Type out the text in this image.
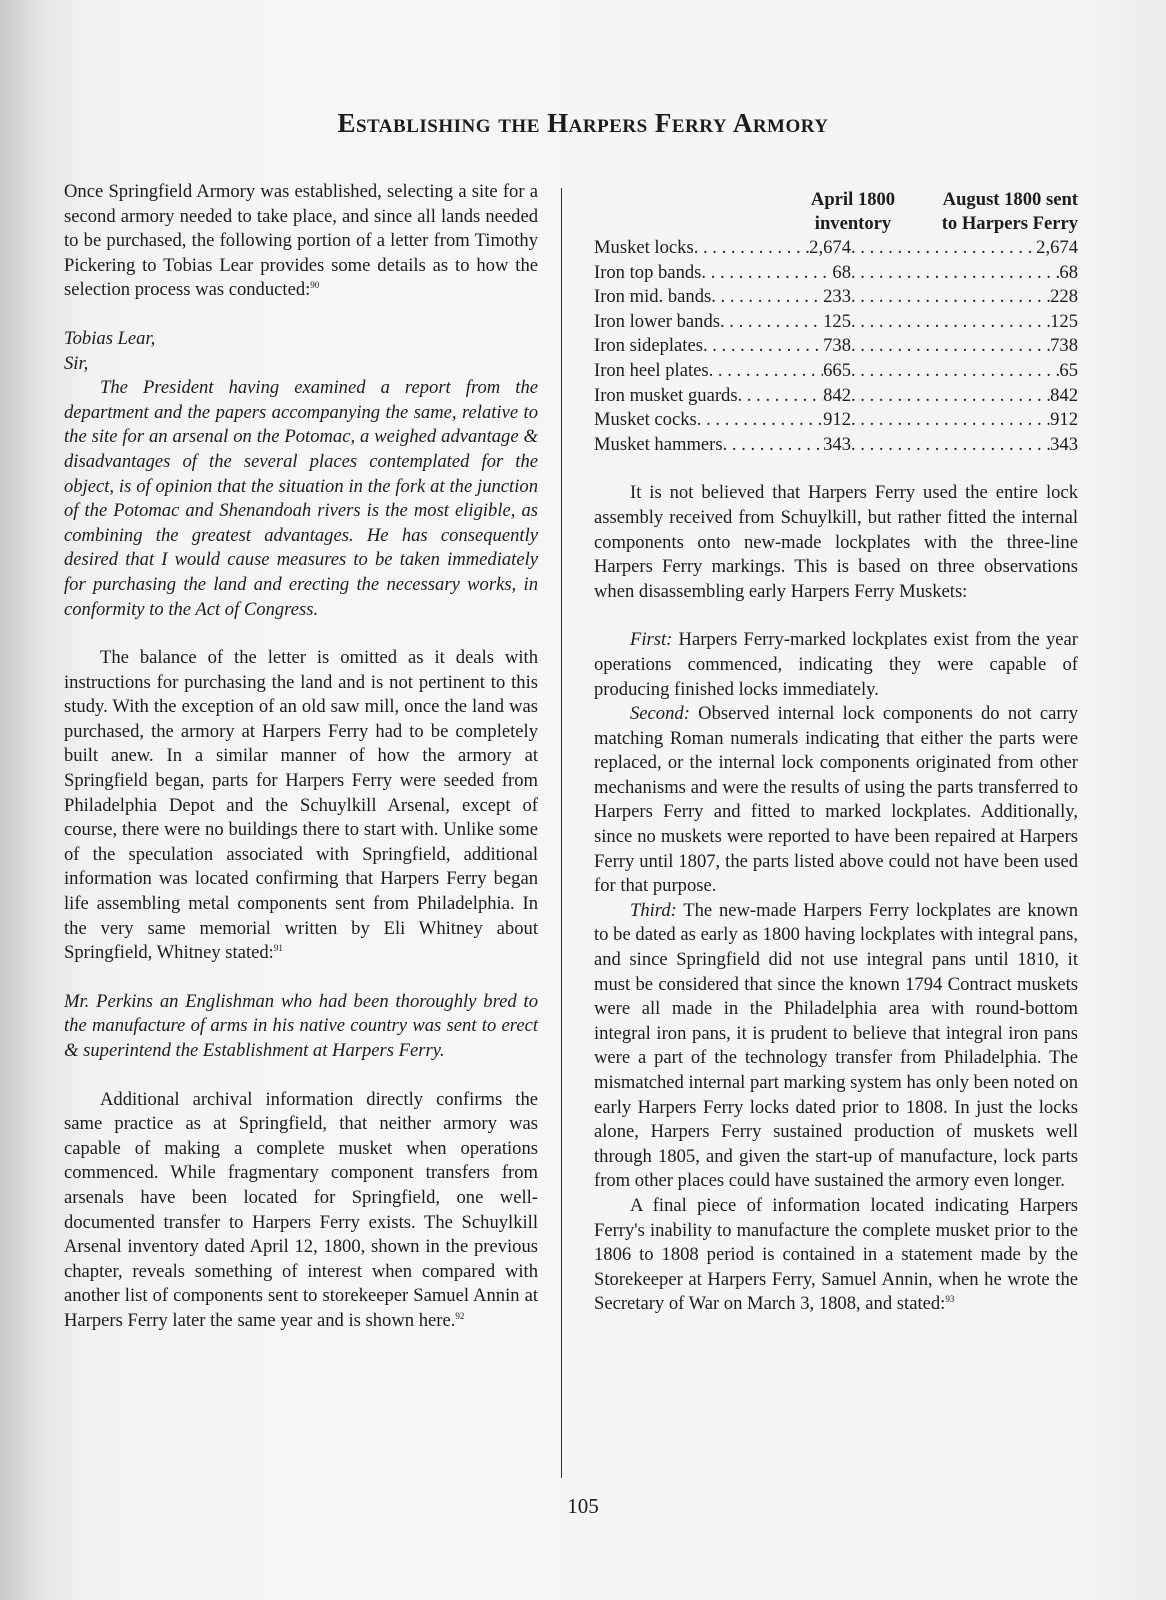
Establishing the Harpers Ferry Armory

Once Springfield Armory was established, selecting a site for a second armory needed to take place, and since all lands needed to be purchased, the following portion of a letter from Timothy Pickering to Tobias Lear provides some details as to how the selection process was conducted:$^{90}$

Tobias Lear,

Sir,

The President having examined a report from the department and the papers accompanying the same, relative to the site for an arsenal on the Potomac, a weighed advantage & disadvantages of the several places contemplated for the object, is of opinion that the situation in the fork at the junction of the Potomac and Shenandoah rivers is the most eligible, as combining the greatest advantages. He has consequently desired that I would cause measures to be taken immediately for purchasing the land and erecting the necessary works, in conformity to the Act of Congress.

The balance of the letter is omitted as it deals with instructions for purchasing the land and is not pertinent to this study. With the exception of an old saw mill, once the land was purchased, the armory at Harpers Ferry had to be completely built anew. In a similar manner of how the armory at Springfield began, parts for Harpers Ferry were seeded from Philadelphia Depot and the Schuylkill Arsenal, except of course, there were no buildings there to start with. Unlike some of the speculation associated with Springfield, additional information was located confirming that Harpers Ferry began life assembling metal components sent from Philadelphia. In the very same memorial written by Eli Whitney about Springfield, Whitney stated:$^{91}$

Mr. Perkins an Englishman who had been thoroughly bred to the manufacture of arms in his native country was sent to erect & superintend the Establishment at Harpers Ferry.

Additional archival information directly confirms the same practice as at Springfield, that neither armory was capable of making a complete musket when operations commenced. While fragmentary component transfers from arsenals have been located for Springfield, one well-documented transfer to Harpers Ferry exists. The Schuylkill Arsenal inventory dated April 12, 1800, shown in the previous chapter, reveals something of interest when compared with another list of components sent to storekeeper Samuel Annin at Harpers Ferry later the same year and is shown here.$^{92}$

April 1800
inventory
August 1800 sent
to Harpers Ferry
Musket locks . . .	2,674 . . .	2,674
Iron top bands . . .	68 . . .	68
Iron mid. bands . . .	233 . . .	228
Iron lower bands . . .	125 . . .	125
Iron sideplates . . .	738 . . .	738
Iron heel plates . . .	665 . . .	65
Iron musket guards . . .	842 . . .	842
Musket cocks . . .	912 . . .	912
Musket hammers . . .	343 . . .	343

It is not believed that Harpers Ferry used the entire lock assembly received from Schuylkill, but rather fitted the internal components onto new-made lockplates with the three-line Harpers Ferry markings. This is based on three observations when disassembling early Harpers Ferry Muskets:

First: Harpers Ferry-marked lockplates exist from the year operations commenced, indicating they were capable of producing finished locks immediately.

Second: Observed internal lock components do not carry matching Roman numerals indicating that either the parts were replaced, or the internal lock components originated from other mechanisms and were the results of using the parts transferred to Harpers Ferry and fitted to marked lockplates. Additionally, since no muskets were reported to have been repaired at Harpers Ferry until 1807, the parts listed above could not have been used for that purpose.

Third: The new-made Harpers Ferry lockplates are known to be dated as early as 1800 having lockplates with integral pans, and since Springfield did not use integral pans until 1810, it must be considered that since the known 1794 Contract muskets were all made in the Philadelphia area with round-bottom integral iron pans, it is prudent to believe that integral iron pans were a part of the technology transfer from Philadelphia. The mismatched internal part marking system has only been noted on early Harpers Ferry locks dated prior to 1808. In just the locks alone, Harpers Ferry sustained production of muskets well through 1805, and given the start-up of manufacture, lock parts from other places could have sustained the armory even longer.

A final piece of information located indicating Harpers Ferry's inability to manufacture the complete musket prior to the 1806 to 1808 period is contained in a statement made by the Storekeeper at Harpers Ferry, Samuel Annin, when he wrote the Secretary of War on March 3, 1808, and stated:$^{93}$

105
